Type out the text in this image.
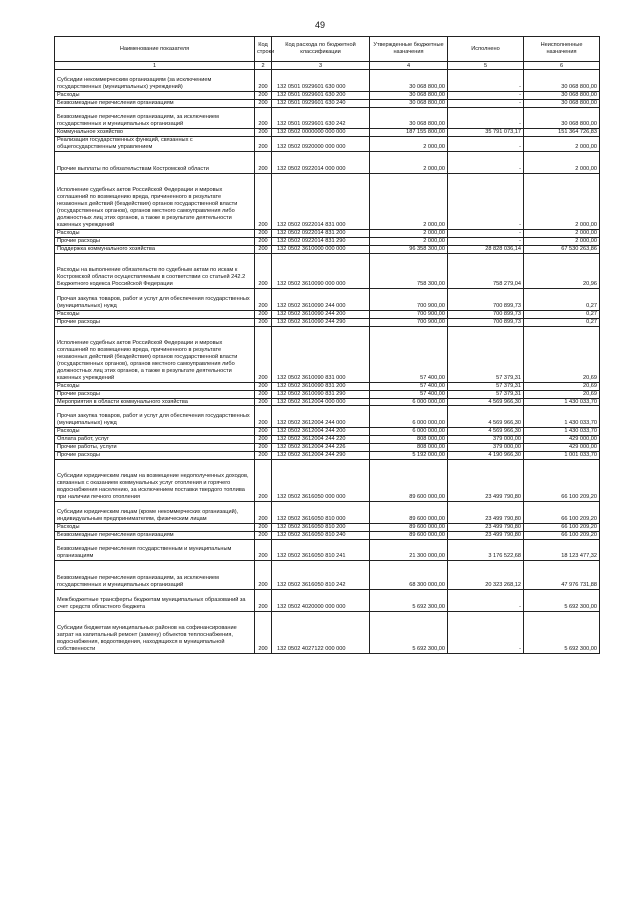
49
Наименование показателя	Код строки	Код расхода по бюджетной классификации	Утвержденные бюджетные назначения	Исполнено	Неисполненные назначения
1	2	3	4	5	6
Субсидии некоммерческим организациям (за исключением государственных (муниципальных) учреждений)	200	132 0501 0929601 630 000	30 068 800,00	-	30 068 800,00
Расходы	200	132 0501 0929601 630 200	30 068 800,00	-	30 068 800,00
Безвозмездные перечисления организациям	200	132 0501 0929601 630 240	30 068 800,00	-	30 068 800,00
Безвозмездные перечисления организациям, за исключением государственных и муниципальных организаций	200	132 0501 0929601 630 242	30 068 800,00	-	30 068 800,00
Коммунальное хозяйство	200	132 0502 0000000 000 000	187 155 800,00	35 791 073,17	151 364 726,83
Реализация государственных функций, связанных с общегосударственным управлением	200	132 0502 0920000 000 000	2 000,00	-	2 000,00
Прочие выплаты по обязательствам Костромской области	200	132 0502 0922014 000 000	2 000,00	-	2 000,00
Исполнение судебных актов Российской Федерации и мировых соглашений по возмещению вреда, причиненного в результате незаконных действий (бездействия) органов государственной власти (государственных органов), органов местного самоуправления либо должностных лиц этих органов, а также в результате деятельности казенных учреждений	200	132 0502 0922014 831 000	2 000,00	-	2 000,00
Расходы	200	132 0502 0922014 831 200	2 000,00	-	2 000,00
Прочие расходы	200	132 0502 0922014 831 290	2 000,00	-	2 000,00
Поддержка коммунального хозяйства	200	132 0502 3610000 000 000	96 358 300,00	28 828 036,14	67 530 263,86
Расходы на выполнение обязательств по судебным актам по искам к Костромской области осуществляемым в соответствии со статьей 242.2 Бюджетного кодекса Российской Федерации	200	132 0502 3610090 000 000	758 300,00	758 279,04	20,96
Прочая закупка товаров, работ и услуг для обеспечения государственных (муниципальных) нужд	200	132 0502 3610090 244 000	700 900,00	700 899,73	0,27
Расходы	200	132 0502 3610090 244 200	700 900,00	700 899,73	0,27
Прочие расходы	200	132 0502 3610090 244 290	700 900,00	700 899,73	0,27
Исполнение судебных актов Российской Федерации и мировых соглашений по возмещению вреда, причиненного в результате незаконных действий (бездействия) органов государственной власти (государственных органов), органов местного самоуправления либо должностных лиц этих органов, а также в результате деятельности казенных учреждений	200	132 0502 3610090 831 000	57 400,00	57 379,31	20,69
Расходы	200	132 0502 3610090 831 200	57 400,00	57 379,31	20,69
Прочие расходы	200	132 0502 3610090 831 290	57 400,00	57 379,31	20,69
Мероприятия в области коммунального хозяйства	200	132 0502 3612004 000 000	6 000 000,00	4 569 966,30	1 430 033,70
Прочая закупка товаров, работ и услуг для обеспечения государственных (муниципальных) нужд	200	132 0502 3612004 244 000	6 000 000,00	4 569 966,30	1 430 033,70
Расходы	200	132 0502 3612004 244 200	6 000 000,00	4 569 966,30	1 430 033,70
Оплата работ, услуг	200	132 0502 3612004 244 220	808 000,00	379 000,00	429 000,00
Прочие работы, услуги	200	132 0502 3612004 244 226	808 000,00	379 000,00	429 000,00
Прочие расходы	200	132 0502 3612004 244 290	5 192 000,00	4 190 966,30	1 001 033,70
Субсидии юридическим лицам на возмещение недополученных доходов, связанных с оказанием коммунальных услуг отопления и горячего водоснабжения населению, за исключением поставки твердого топлива при наличии печного отопления	200	132 0502 3616050 000 000	89 600 000,00	23 499 790,80	66 100 209,20
Субсидии юридическим лицам (кроме некоммерческих организаций), индивидуальным предпринимателям, физическим лицам	200	132 0502 3616050 810 000	89 600 000,00	23 499 790,80	66 100 209,20
Расходы	200	132 0502 3616050 810 200	89 600 000,00	23 499 790,80	66 100 209,20
Безвозмездные перечисления организациям	200	132 0502 3616050 810 240	89 600 000,00	23 499 790,80	66 100 209,20
Безвозмездные перечисления государственным и муниципальным организациям	200	132 0502 3616050 810 241	21 300 000,00	3 176 522,68	18 123 477,32
Безвозмездные перечисления организациям, за исключением государственных и муниципальных организаций	200	132 0502 3616050 810 242	68 300 000,00	20 323 268,12	47 976 731,88
Межбюджетные трансферты бюджетам муниципальных образований за счет средств областного бюджета	200	132 0502 4020000 000 000	5 692 300,00	-	5 692 300,00
Субсидии бюджетам муниципальных районов на софинансирование затрат на капитальный ремонт (замену) объектов теплоснабжения, водоснабжения, водоотведения, находящихся в муниципальной собственности	200	132 0502 4027122 000 000	5 692 300,00	-	5 692 300,00
